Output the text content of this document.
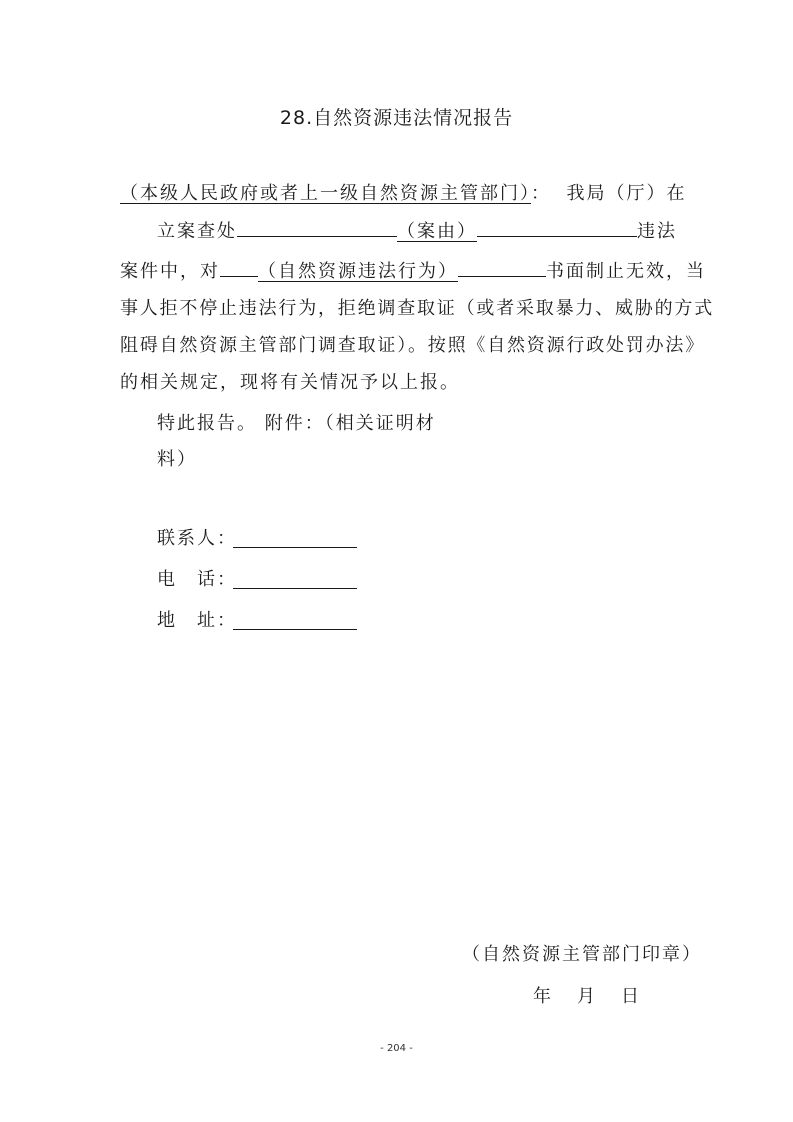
28.自然资源违法情况报告
（本级人民政府或者上一级自然资源主管部门）： 我局（厅）在
立案查处	（案由）	违法
案件中，对 （自然资源违法行为）	书面制止无效，当
事人拒不停止违法行为，拒绝调查取证（或者采取暴力、威胁的方式
阻碍自然资源主管部门调查取证）。按照《自然资源行政处罚办法》
的相关规定，现将有关情况予以上报。
特此报告。 附件：（相关证明材
料）
联系人：
电　话：
地　址：
（自然资源主管部门印章）
年　月　日
- 204 -
